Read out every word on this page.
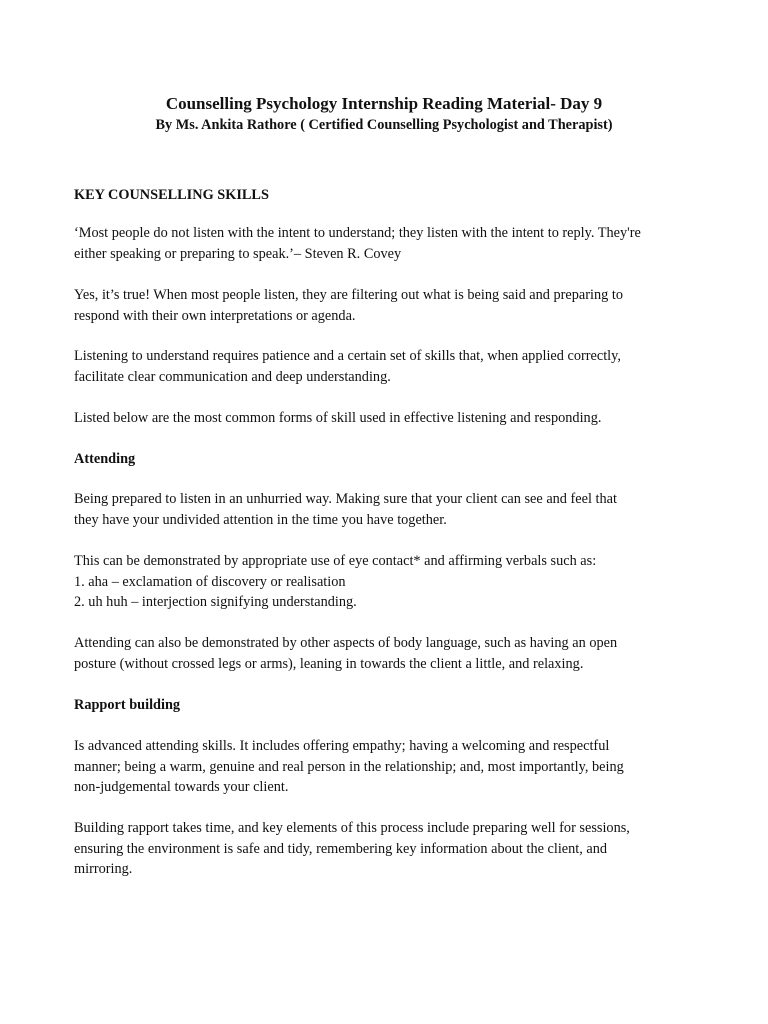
Counselling Psychology Internship Reading Material- Day 9
By Ms. Ankita Rathore ( Certified Counselling Psychologist and Therapist)
KEY COUNSELLING SKILLS

‘Most people do not listen with the intent to understand; they listen with the intent to reply. They're
either speaking or preparing to speak.’– Steven R. Covey

Yes, it’s true! When most people listen, they are filtering out what is being said and preparing to
respond with their own interpretations or agenda.

Listening to understand requires patience and a certain set of skills that, when applied correctly,
facilitate clear communication and deep understanding.

Listed below are the most common forms of skill used in effective listening and responding.

Attending

Being prepared to listen in an unhurried way. Making sure that your client can see and feel that
they have your undivided attention in the time you have together.

This can be demonstrated by appropriate use of eye contact* and affirming verbals such as:
1. aha – exclamation of discovery or realisation
2. uh huh – interjection signifying understanding.

Attending can also be demonstrated by other aspects of body language, such as having an open
posture (without crossed legs or arms), leaning in towards the client a little, and relaxing.

Rapport building

Is advanced attending skills. It includes offering empathy; having a welcoming and respectful
manner; being a warm, genuine and real person in the relationship; and, most importantly, being
non-judgemental towards your client.

Building rapport takes time, and key elements of this process include preparing well for sessions,
ensuring the environment is safe and tidy, remembering key information about the client, and
mirroring.
